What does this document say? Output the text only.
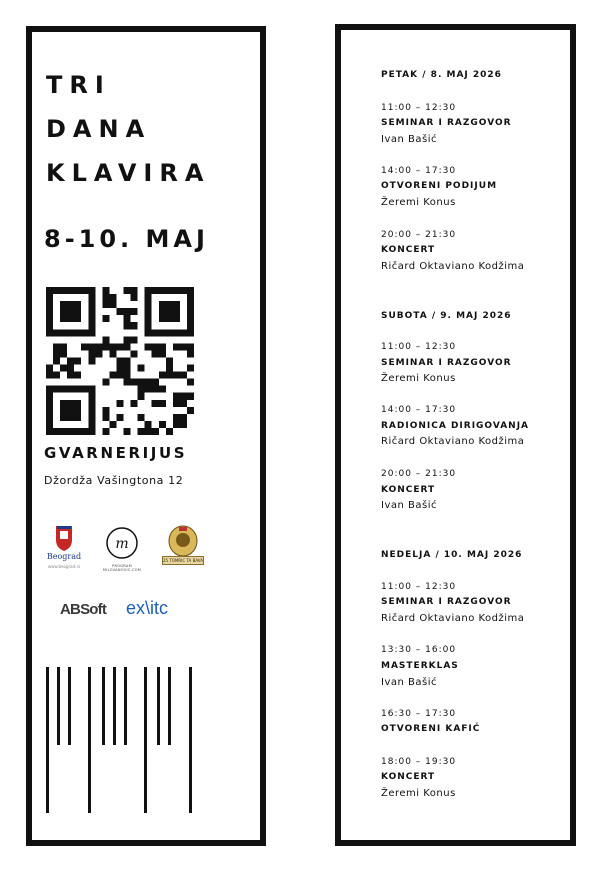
TRI
DANA
KLAVIRA
8-10. MAJ
GVARNERIJUS
Džordža Vašingtona 12
Beograd
www.beograd.rs
m
PROGRAM MILOVANOVIC.COM
25 TOMRIC TA BAVA
ABSoft ex\itc
PETAK / 8. MAJ 2026
11:00 – 12:30
SEMINAR I RAZGOVOR
Ivan Bašić
14:00 – 17:30
OTVORENI PODIJUM
Žeremi Konus
20:00 – 21:30
KONCERT
Ričard Oktaviano Kodžima
SUBOTA / 9. MAJ 2026
11:00 – 12:30
SEMINAR I RAZGOVOR
Žeremi Konus
14:00 – 17:30
RADIONICA DIRIGOVANJA
Ričard Oktaviano Kodžima
20:00 – 21:30
KONCERT
Ivan Bašić
NEDELJA / 10. MAJ 2026
11:00 – 12:30
SEMINAR I RAZGOVOR
Ričard Oktaviano Kodžima
13:30 – 16:00
MASTERKLAS
Ivan Bašić
16:30 – 17:30
OTVORENI KAFIĆ
18:00 – 19:30
KONCERT
Žeremi Konus
